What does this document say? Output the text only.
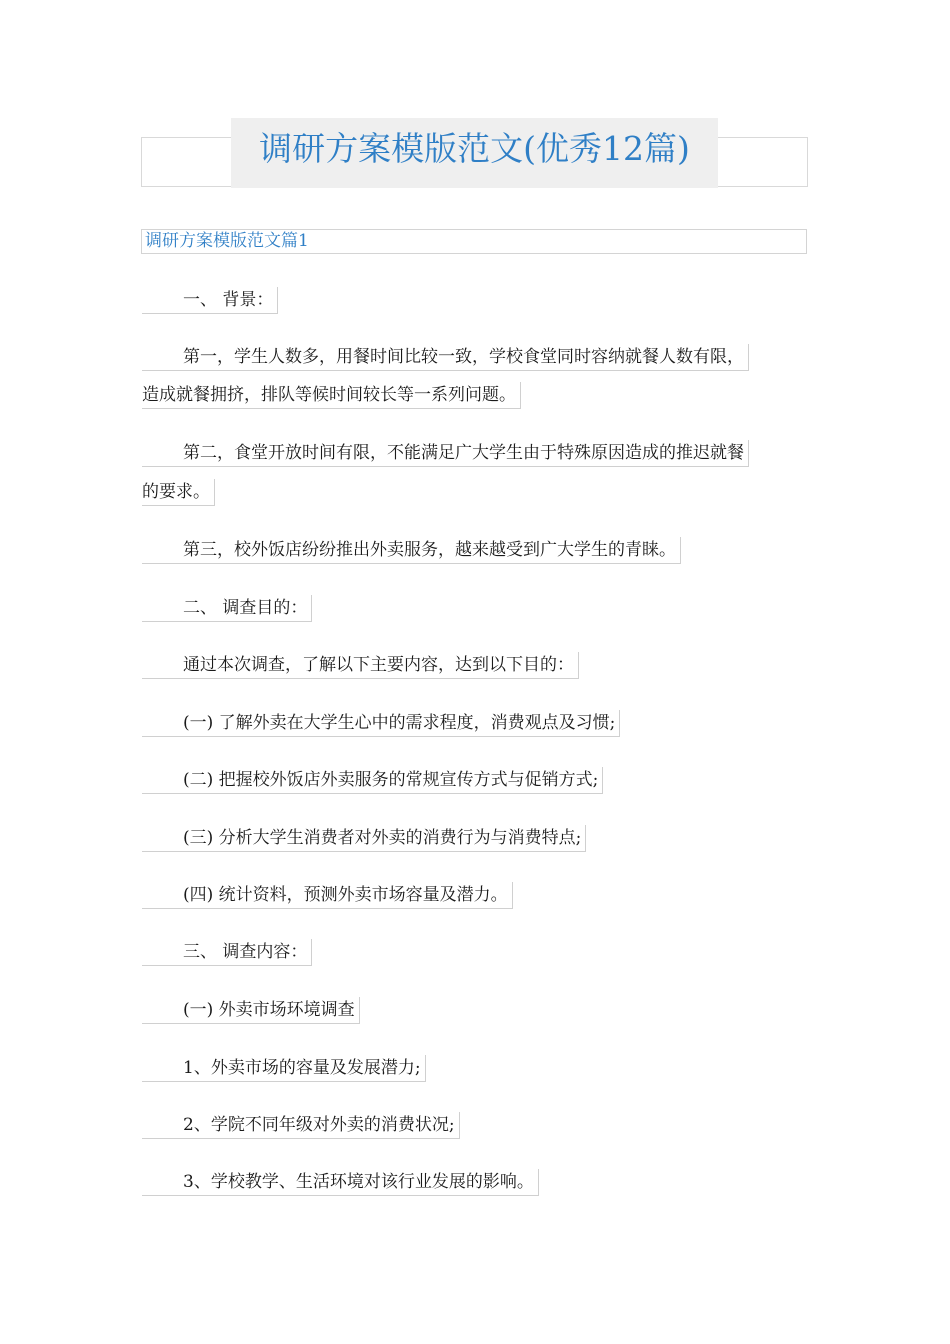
调研方案模版范文(优秀12篇)
调研方案模版范文篇1
一、 背景：
第一，学生人数多，用餐时间比较一致，学校食堂同时容纳就餐人数有限，
造成就餐拥挤，排队等候时间较长等一系列问题。
第二，食堂开放时间有限，不能满足广大学生由于特殊原因造成的推迟就餐
的要求。
第三，校外饭店纷纷推出外卖服务，越来越受到广大学生的青睐。
二、 调查目的：
通过本次调查，了解以下主要内容，达到以下目的：
(一) 了解外卖在大学生心中的需求程度，消费观点及习惯;
(二) 把握校外饭店外卖服务的常规宣传方式与促销方式;
(三) 分析大学生消费者对外卖的消费行为与消费特点;
(四) 统计资料，预测外卖市场容量及潜力。
三、 调查内容：
(一) 外卖市场环境调查
1、外卖市场的容量及发展潜力;
2、学院不同年级对外卖的消费状况;
3、学校教学、生活环境对该行业发展的影响。
